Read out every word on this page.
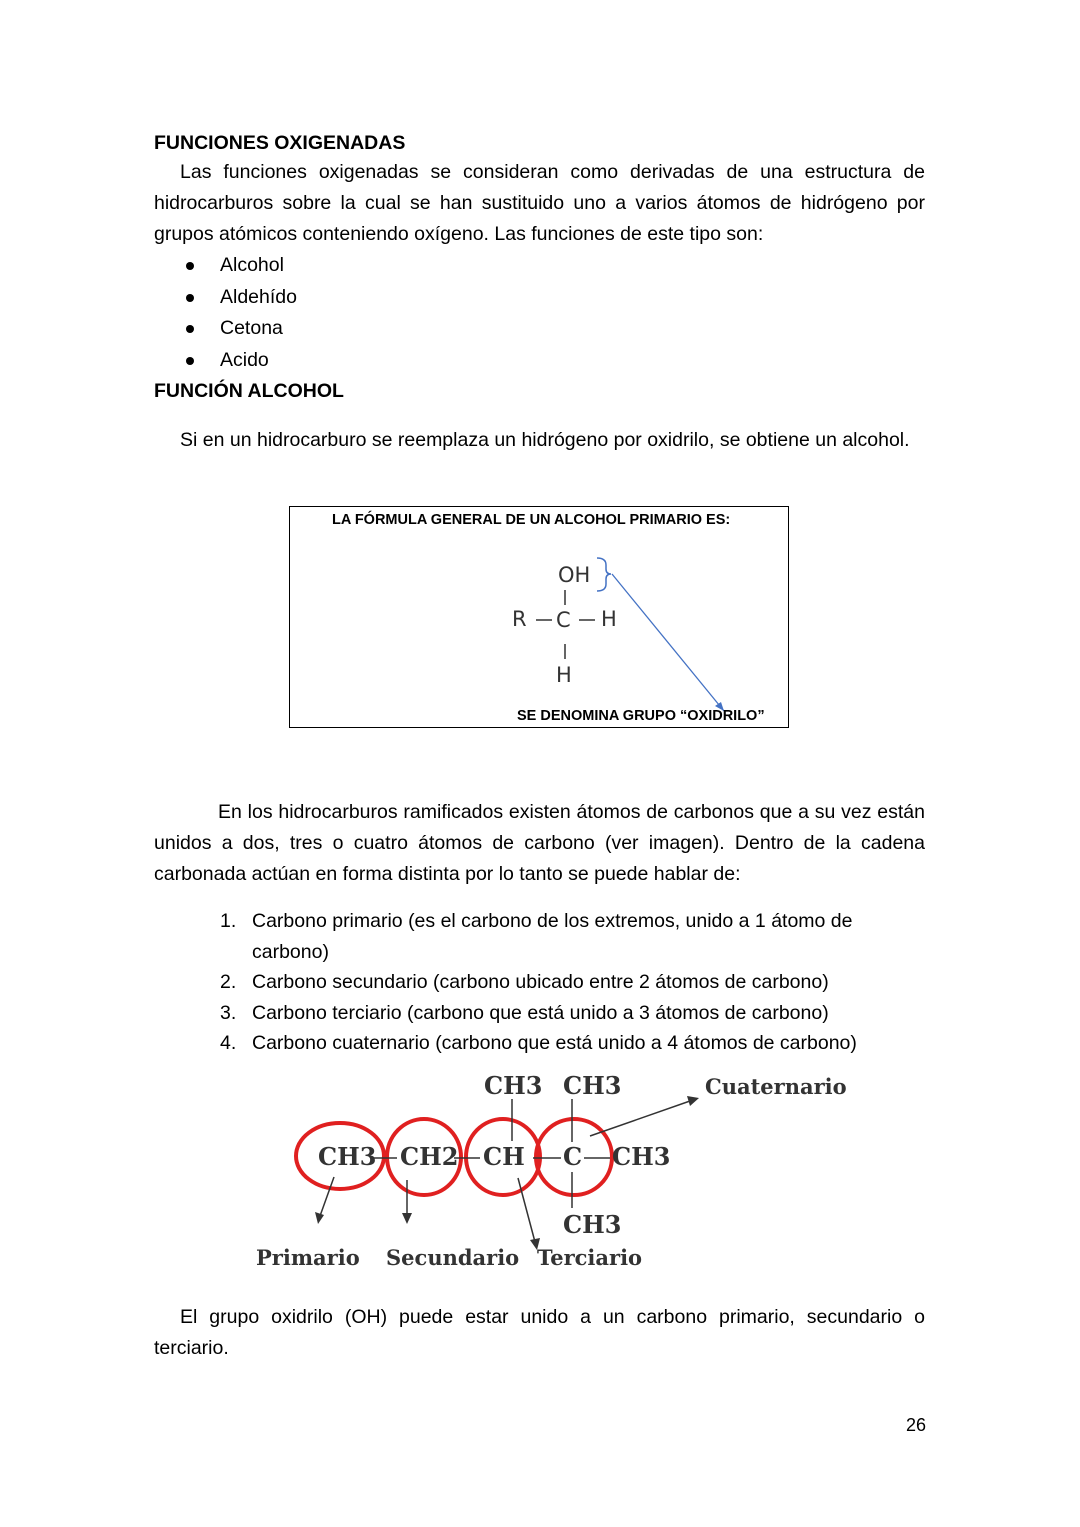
FUNCIONES OXIGENADAS
Las funciones oxigenadas se consideran como derivadas de una estructura de hidrocarburos sobre la cual se han sustituido uno a varios átomos de hidrógeno por grupos atómicos conteniendo oxígeno. Las funciones de este tipo son:
Alcohol
Aldehído
Cetona
Acido
FUNCIÓN ALCOHOL
Si en un hidrocarburo se reemplaza un hidrógeno por oxidrilo, se obtiene un alcohol.
LA FÓRMULA GENERAL DE UN ALCOHOL PRIMARIO ES:
OH
R C H
H
SE DENOMINA GRUPO “OXIDRILO”
En los hidrocarburos ramificados existen átomos de carbonos que a su vez están unidos a dos, tres o cuatro átomos de carbono (ver imagen). Dentro de la cadena carbonada actúan en forma distinta por lo tanto se puede hablar de:
1. Carbono primario (es el carbono de los extremos, unido a 1 átomo de carbono)
2. Carbono secundario (carbono ubicado entre 2 átomos de carbono)
3. Carbono terciario (carbono que está unido a 3 átomos de carbono)
4. Carbono cuaternario (carbono que está unido a 4 átomos de carbono)
CH3 CH2 CH C CH3
CH3 CH3
CH3
Primario Secundario Terciario
Cuaternario
El grupo oxidrilo (OH) puede estar unido a un carbono primario, secundario o terciario.
26
